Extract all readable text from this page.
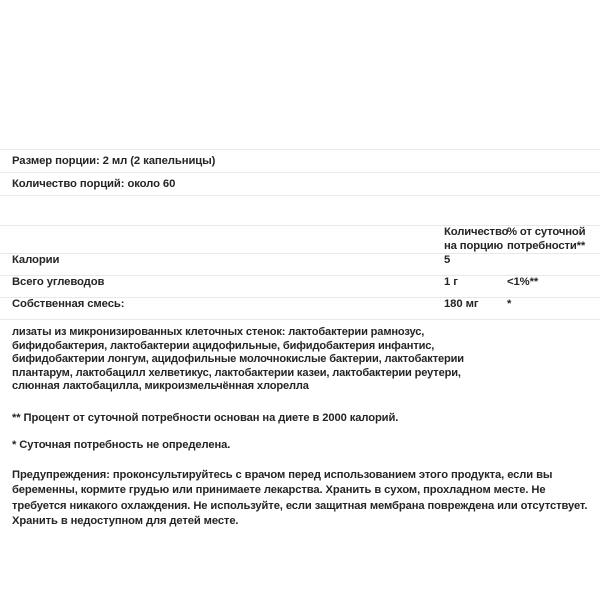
Размер порции: 2 мл (2 капельницы)
Количество порций: около 60

Количество
на порцию

% от суточной
потребности**
Калории	5	
Всего углеводов	1 г	<1%**
Собственная смесь:	180 мг	*
лизаты из микронизированных клеточных стенок: лактобактерии рамнозус,
бифидобактерия, лактобактерии ацидофильные, бифидобактерия инфантис,
бифидобактерии лонгум, ацидофильные молочнокислые бактерии, лактобактерии
плантарум, лактобацилл хелветикус, лактобактерии казеи, лактобактерии реутери,
слюнная лактобацилла, микроизмельчённая хлорелла
** Процент от суточной потребности основан на диете в 2000 калорий.
* Суточная потребность не определена.
Предупреждения: проконсультируйтесь с врачом перед использованием этого продукта, если вы беременны, кормите грудью или принимаете лекарства. Хранить в сухом, прохладном месте. Не требуется никакого охлаждения. Не используйте, если защитная мембрана повреждена или отсутствует. Хранить в недоступном для детей месте.
